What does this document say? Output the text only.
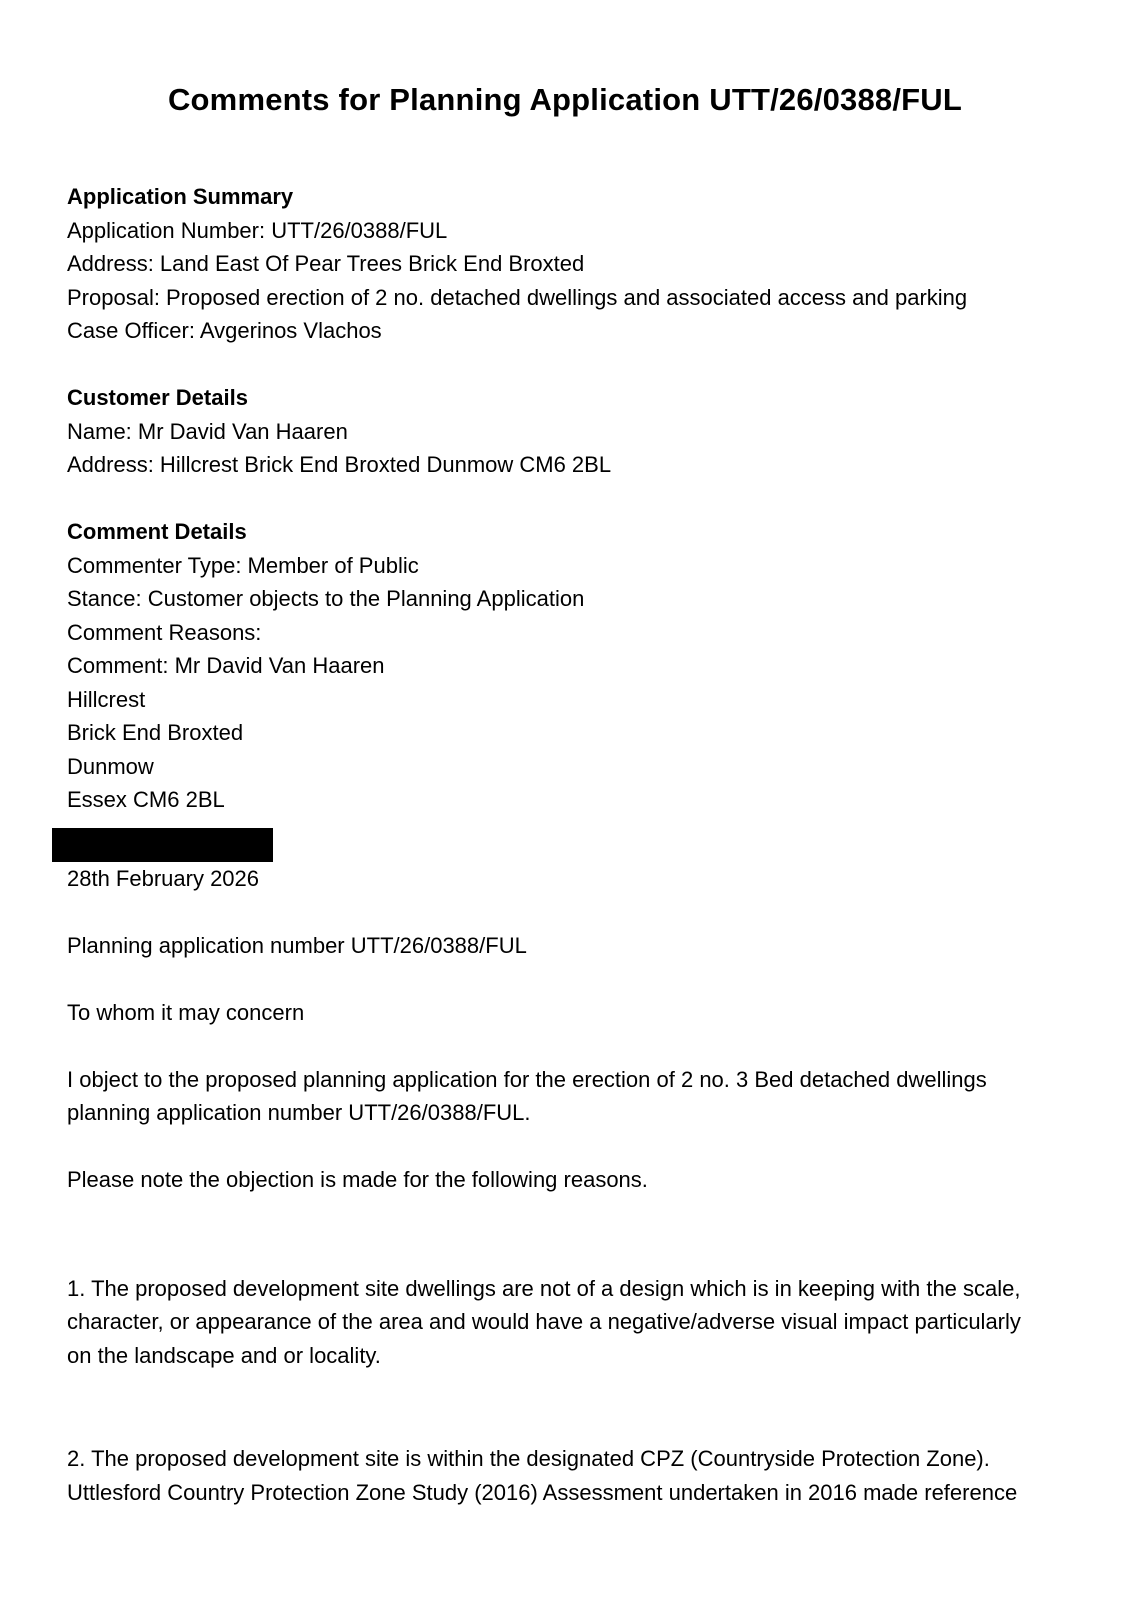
Comments for Planning Application UTT/26/0388/FUL
Application Summary
Application Number: UTT/26/0388/FUL
Address: Land East Of Pear Trees Brick End Broxted
Proposal: Proposed erection of 2 no. detached dwellings and associated access and parking
Case Officer: Avgerinos Vlachos
Customer Details
Name: Mr David Van Haaren
Address: Hillcrest Brick End Broxted Dunmow CM6 2BL
Comment Details
Commenter Type: Member of Public
Stance: Customer objects to the Planning Application
Comment Reasons:
Comment: Mr David Van Haaren
Hillcrest
Brick End Broxted
Dunmow
Essex CM6 2BL
28th February 2026
Planning application number UTT/26/0388/FUL
To whom it may concern
I object to the proposed planning application for the erection of 2 no. 3 Bed detached dwellings
planning application number UTT/26/0388/FUL.
Please note the objection is made for the following reasons.
1. The proposed development site dwellings are not of a design which is in keeping with the scale,
character, or appearance of the area and would have a negative/adverse visual impact particularly
on the landscape and or locality.
2. The proposed development site is within the designated CPZ (Countryside Protection Zone).
Uttlesford Country Protection Zone Study (2016) Assessment undertaken in 2016 made reference
